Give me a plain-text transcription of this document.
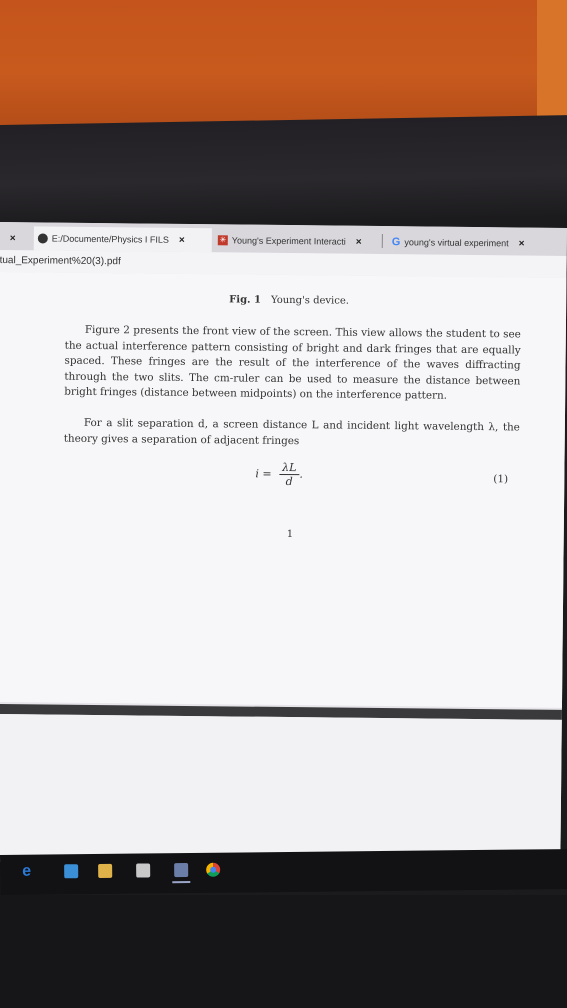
×	E:/Documente/Physics I FILS ×	✳ Young's Experiment Interacti ×	G young's virtual experiment ×
tual_Experiment%20(3).pdf
Fig. 1 Young's device.
Figure 2 presents the front view of the screen. This view allows the student to see the actual interference pattern consisting of bright and dark fringes that are equally spaced. These fringes are the result of the interference of the waves diffracting through the two slits. The cm-ruler can be used to measure the distance between bright fringes (distance between midpoints) on the interference pattern.
For a slit separation d, a screen distance L and incident light wavelength λ, the theory gives a separation of adjacent fringes
$i = \frac{\lambda L}{d}$ .	(1)
1
e
